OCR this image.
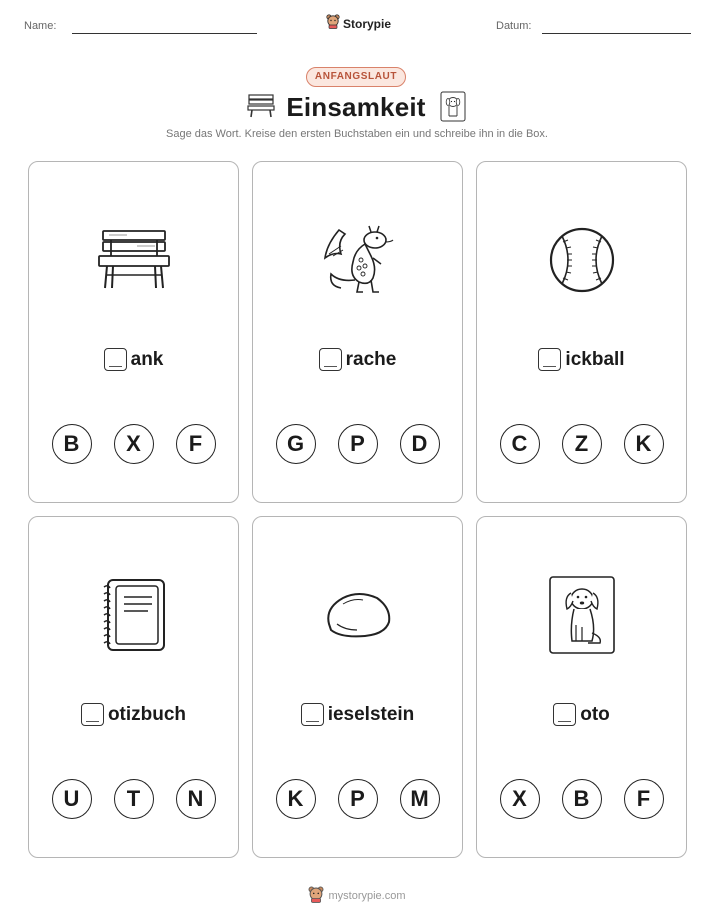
Name:	Storypie	Datum:
ANFANGSLAUT
Einsamkeit
Sage das Wort. Kreise den ersten Buchstaben ein und schreibe ihn in die Box.
ank
B	X	F
rache
G	P	D
ickball
C	Z	K
otizbuch
U	T	N
ieselstein
K	P	M
oto
X	B	F
mystorypie.com
